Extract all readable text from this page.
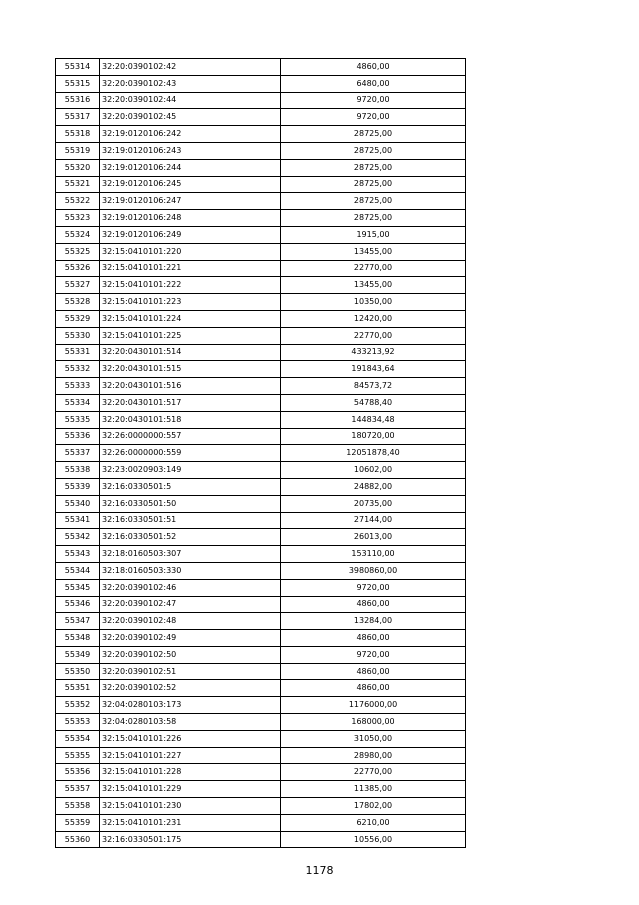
55314	32:20:0390102:42	4860,00
55315	32:20:0390102:43	6480,00
55316	32:20:0390102:44	9720,00
55317	32:20:0390102:45	9720,00
55318	32:19:0120106:242	28725,00
55319	32:19:0120106:243	28725,00
55320	32:19:0120106:244	28725,00
55321	32:19:0120106:245	28725,00
55322	32:19:0120106:247	28725,00
55323	32:19:0120106:248	28725,00
55324	32:19:0120106:249	1915,00
55325	32:15:0410101:220	13455,00
55326	32:15:0410101:221	22770,00
55327	32:15:0410101:222	13455,00
55328	32:15:0410101:223	10350,00
55329	32:15:0410101:224	12420,00
55330	32:15:0410101:225	22770,00
55331	32:20:0430101:514	433213,92
55332	32:20:0430101:515	191843,64
55333	32:20:0430101:516	84573,72
55334	32:20:0430101:517	54788,40
55335	32:20:0430101:518	144834,48
55336	32:26:0000000:557	180720,00
55337	32:26:0000000:559	12051878,40
55338	32:23:0020903:149	10602,00
55339	32:16:0330501:5	24882,00
55340	32:16:0330501:50	20735,00
55341	32:16:0330501:51	27144,00
55342	32:16:0330501:52	26013,00
55343	32:18:0160503:307	153110,00
55344	32:18:0160503:330	3980860,00
55345	32:20:0390102:46	9720,00
55346	32:20:0390102:47	4860,00
55347	32:20:0390102:48	13284,00
55348	32:20:0390102:49	4860,00
55349	32:20:0390102:50	9720,00
55350	32:20:0390102:51	4860,00
55351	32:20:0390102:52	4860,00
55352	32:04:0280103:173	1176000,00
55353	32:04:0280103:58	168000,00
55354	32:15:0410101:226	31050,00
55355	32:15:0410101:227	28980,00
55356	32:15:0410101:228	22770,00
55357	32:15:0410101:229	11385,00
55358	32:15:0410101:230	17802,00
55359	32:15:0410101:231	6210,00
55360	32:16:0330501:175	10556,00
1178
